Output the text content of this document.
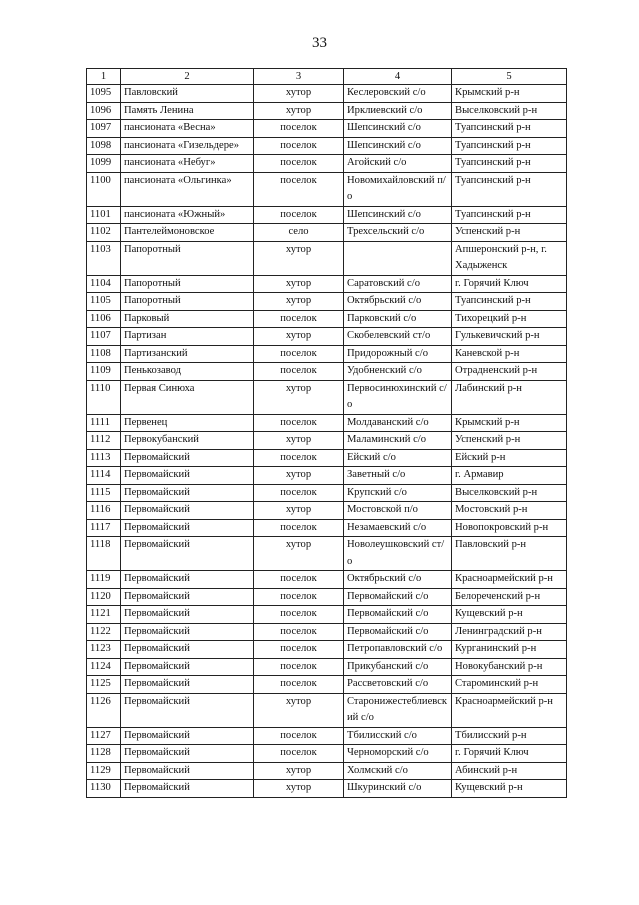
33
1	2	3	4	5
1095	Павловский	хутор	Кеслеровский с/о	Крымский р-н
1096	Память Ленина	хутор	Ирклиевский с/о	Выселковский р-н
1097	пансионата «Весна»	поселок	Шепсинский с/о	Туапсинский р-н
1098	пансионата «Гизельдере»	поселок	Шепсинский с/о	Туапсинский р-н
1099	пансионата «Небуг»	поселок	Агойский с/о	Туапсинский р-н
1100	пансионата «Ольгинка»	поселок	Новомихайловский п/о	Туапсинский р-н
1101	пансионата «Южный»	поселок	Шепсинский с/о	Туапсинский р-н
1102	Пантелеймоновское	село	Трехсельский с/о	Успенский р-н
1103	Папоротный	хутор		Апшеронский р-н, г. Хадыженск
1104	Папоротный	хутор	Саратовский с/о	г. Горячий Ключ
1105	Папоротный	хутор	Октябрьский с/о	Туапсинский р-н
1106	Парковый	поселок	Парковский с/о	Тихорецкий р-н
1107	Партизан	хутор	Скобелевский ст/о	Гулькевичский р-н
1108	Партизанский	поселок	Придорожный с/о	Каневской р-н
1109	Пенькозавод	поселок	Удобненский с/о	Отрадненский р-н
1110	Первая Синюха	хутор	Первосинюхинский с/о	Лабинский р-н
1111	Первенец	поселок	Молдаванский с/о	Крымский р-н
1112	Первокубанский	хутор	Маламинский с/о	Успенский р-н
1113	Первомайский	поселок	Ейский с/о	Ейский р-н
1114	Первомайский	хутор	Заветный с/о	г. Армавир
1115	Первомайский	поселок	Крупский с/о	Выселковский р-н
1116	Первомайский	хутор	Мостовской п/о	Мостовский р-н
1117	Первомайский	поселок	Незамаевский с/о	Новопокровский р-н
1118	Первомайский	хутор	Новолеушковский ст/о	Павловский р-н
1119	Первомайский	поселок	Октябрьский с/о	Красноармейский р-н
1120	Первомайский	поселок	Первомайский с/о	Белореченский р-н
1121	Первомайский	поселок	Первомайский с/о	Кущевский р-н
1122	Первомайский	поселок	Первомайский с/о	Ленинградский р-н
1123	Первомайский	поселок	Петропавловский с/о	Курганинский р-н
1124	Первомайский	поселок	Прикубанский с/о	Новокубанский р-н
1125	Первомайский	поселок	Рассветовский с/о	Староминский р-н
1126	Первомайский	хутор	Старонижестеблиевский с/о	Красноармейский р-н
1127	Первомайский	поселок	Тбилисский с/о	Тбилисский р-н
1128	Первомайский	поселок	Черноморский с/о	г. Горячий Ключ
1129	Первомайский	хутор	Холмский с/о	Абинский р-н
1130	Первомайский	хутор	Шкуринский с/о	Кущевский р-н
